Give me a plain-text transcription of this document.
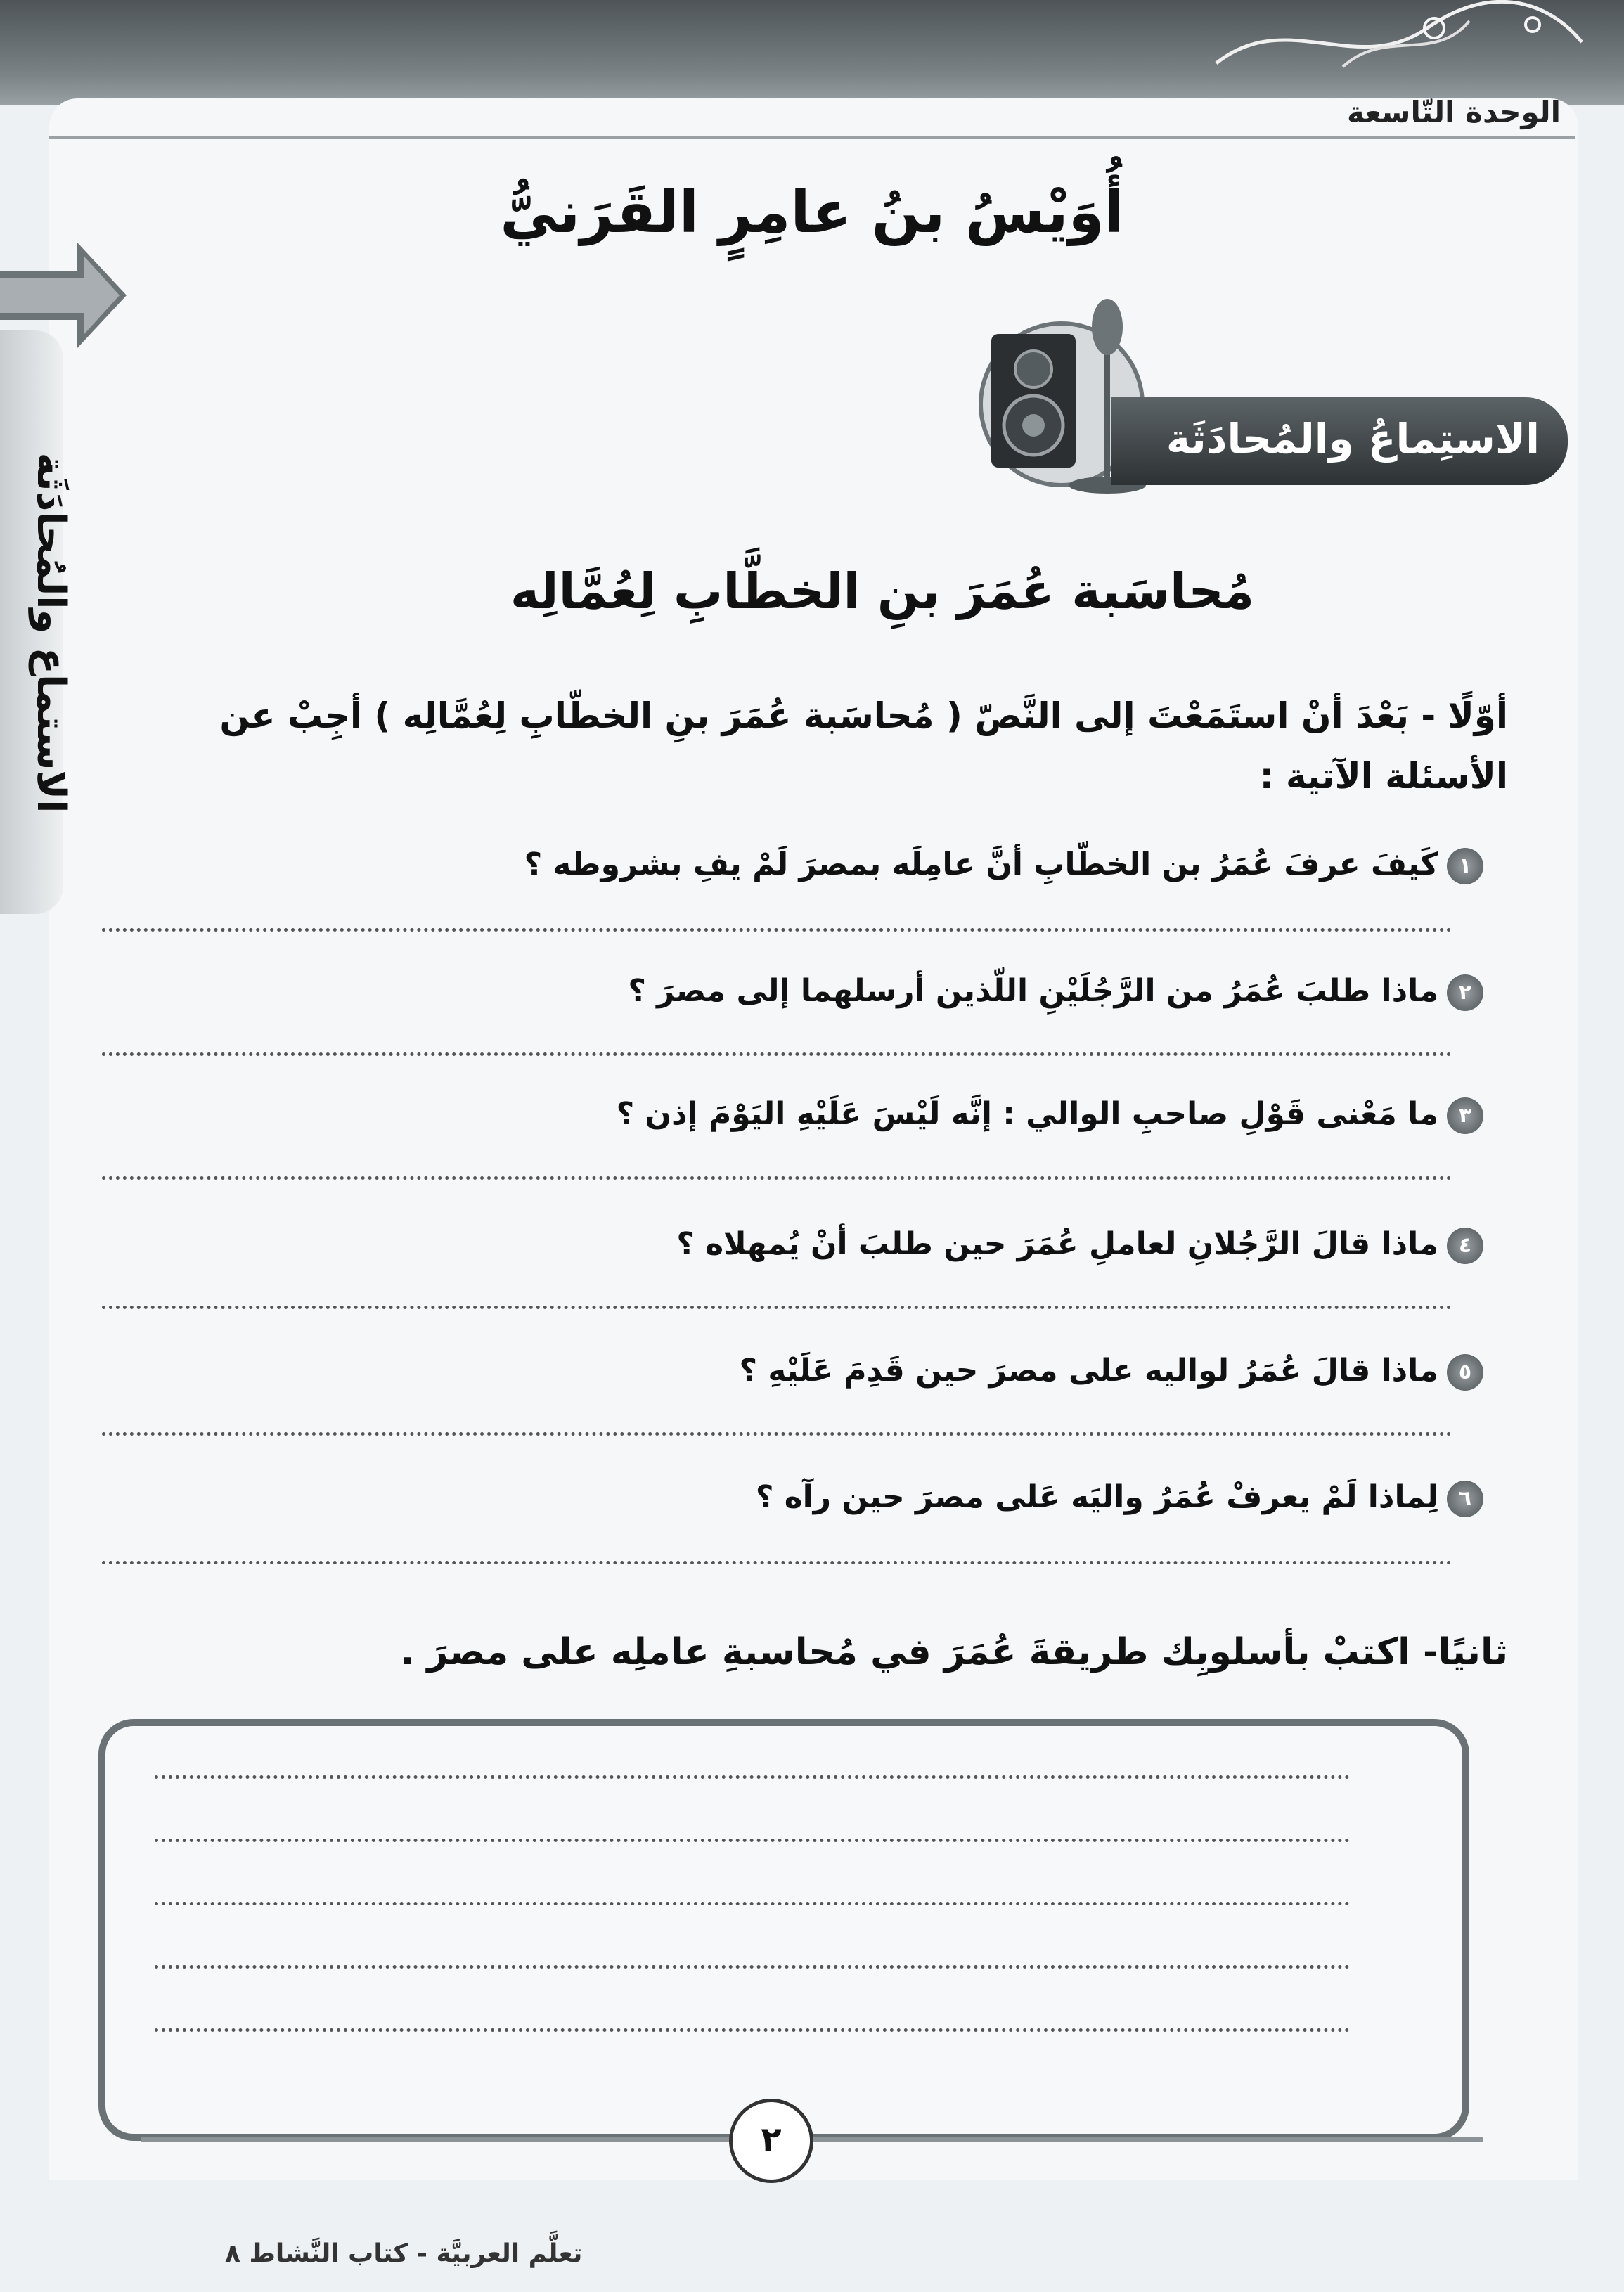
الوحدة التّاسعة
أُوَيْسُ بنُ عامِرٍ القَرَنيُّ
الاستماع والمُحادَثَة
الاستِماعُ والمُحادَثَة
مُحاسَبة عُمَرَ بنِ الخطَّابِ لِعُمَّالِه
أوّلًا - بَعْدَ أنْ استَمَعْتَ إلى النَّصّ ( مُحاسَبة عُمَرَ بنِ الخطّابِ لِعُمَّالِه ) أجِبْ عن
الأسئلة الآتية :
١كَيفَ عرفَ عُمَرُ بن الخطّابِ أنَّ عامِلَه بمصرَ لَمْ يفِ بشروطه ؟
٢ماذا طلبَ عُمَرُ من الرَّجُلَيْنِ اللّذين أرسلهما إلى مصرَ ؟
٣ما مَعْنى قَوْلِ صاحبِ الوالي : إنَّه لَيْسَ عَلَيْهِ اليَوْمَ إذن ؟
٤ماذا قالَ الرَّجُلانِ لعاملِ عُمَرَ حين طلبَ أنْ يُمهلاه ؟
٥ماذا قالَ عُمَرُ لواليه على مصرَ حين قَدِمَ عَلَيْهِ ؟
٦لِماذا لَمْ يعرفْ عُمَرُ واليَه عَلى مصرَ حين رآه ؟
ثانيًا- اكتبْ بأسلوبِك طريقةَ عُمَرَ في مُحاسبةِ عاملِه على مصرَ .
٢
تعلَّم العربيَّة - كتاب النَّشاط ٨
